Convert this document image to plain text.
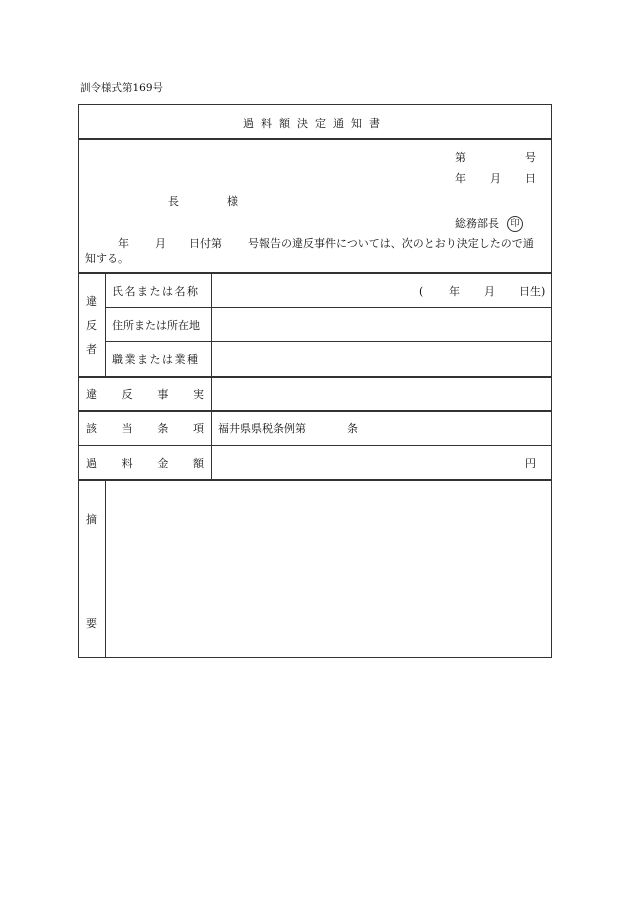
訓令様式第169号
過料額決定通知書
第	号
年 月 日
長	様
総務部長 印
年 月 日付第 号報告の違反事件については、次のとおり決定したので通
知する。
違
反
者
氏名または名称	( 年 月 日生)
住所または所在地
職業または業種
違 反 事 実
該 当 条 項 福井県県税条例第	条
過 料 金 額	円
摘
要
